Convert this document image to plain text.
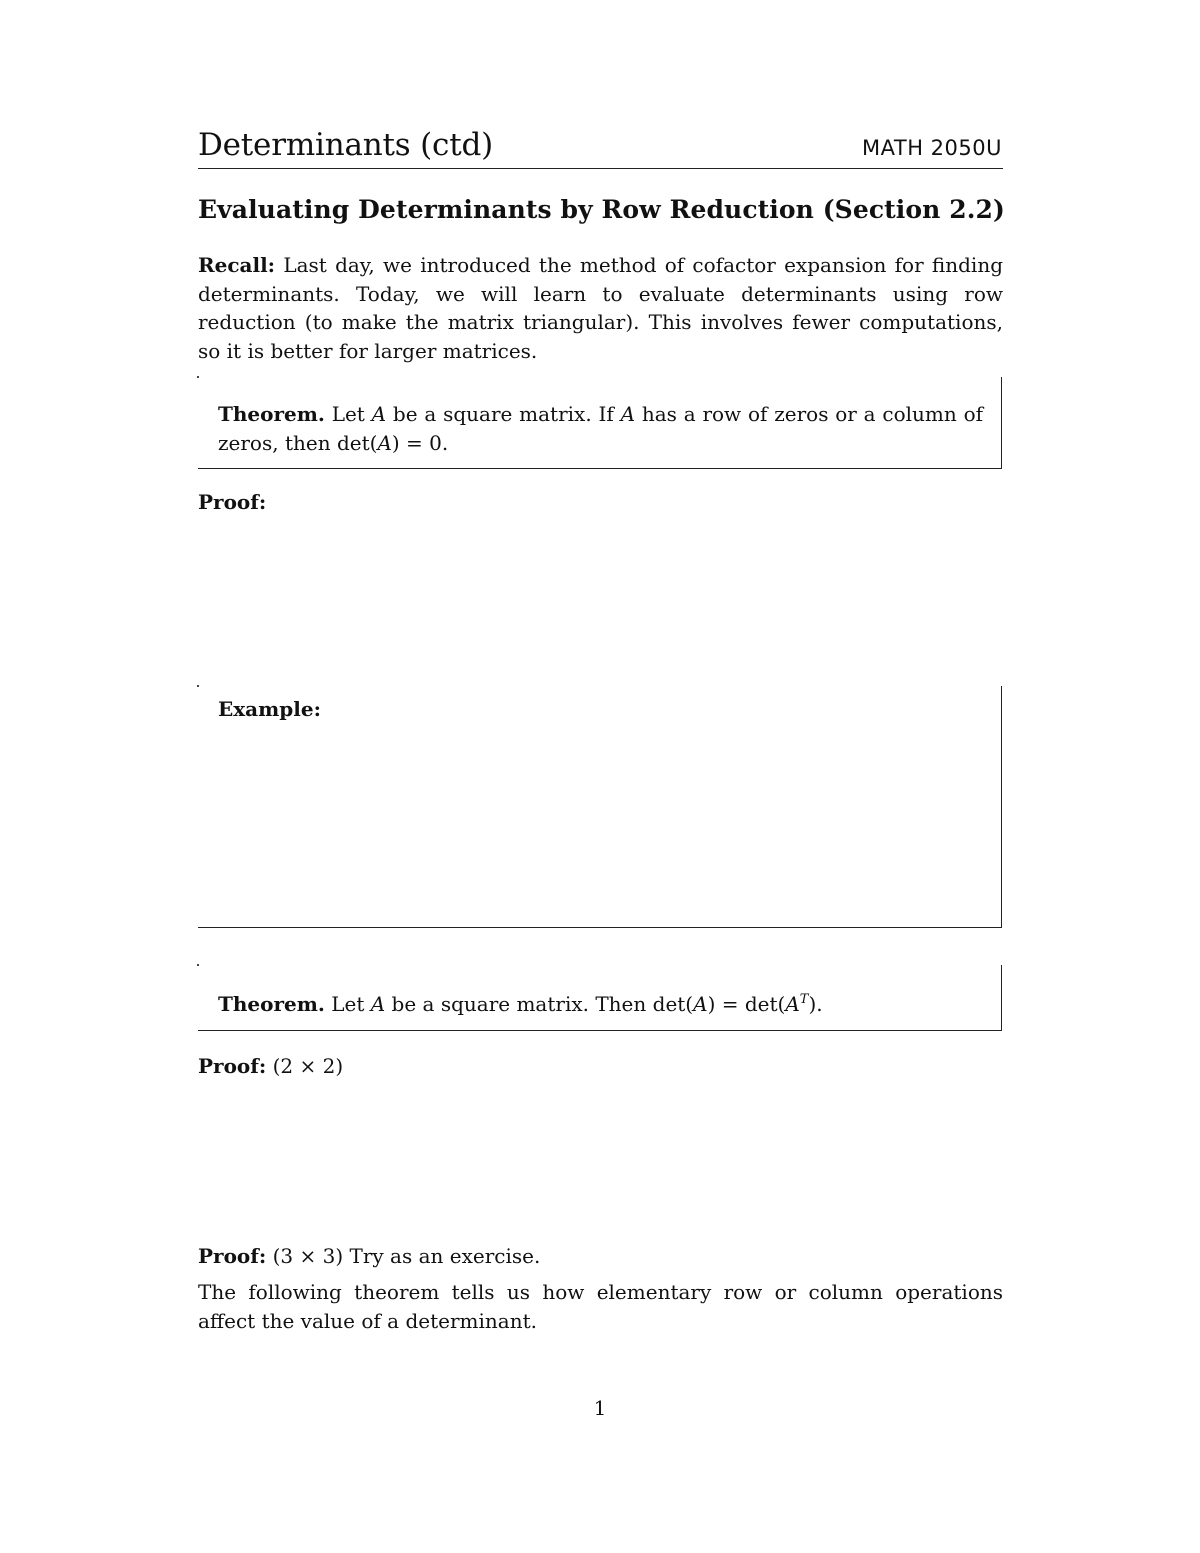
Determinants (ctd)	MATH 2050U
Evaluating Determinants by Row Reduction (Section 2.2)
Recall: Last day, we introduced the method of cofactor expansion for finding determinants. Today, we will learn to evaluate determinants using row reduction (to make the matrix triangular). This involves fewer computations, so it is better for larger matrices.
Theorem. Let A be a square matrix. If A has a row of zeros or a column of zeros, then det(A) = 0.
Proof:
Example:
Theorem. Let A be a square matrix. Then $\det(A) = \det(A^T)$.
Proof: (2 × 2)
Proof: (3 × 3) Try as an exercise.
The following theorem tells us how elementary row or column operations affect the value of a determinant.
1
